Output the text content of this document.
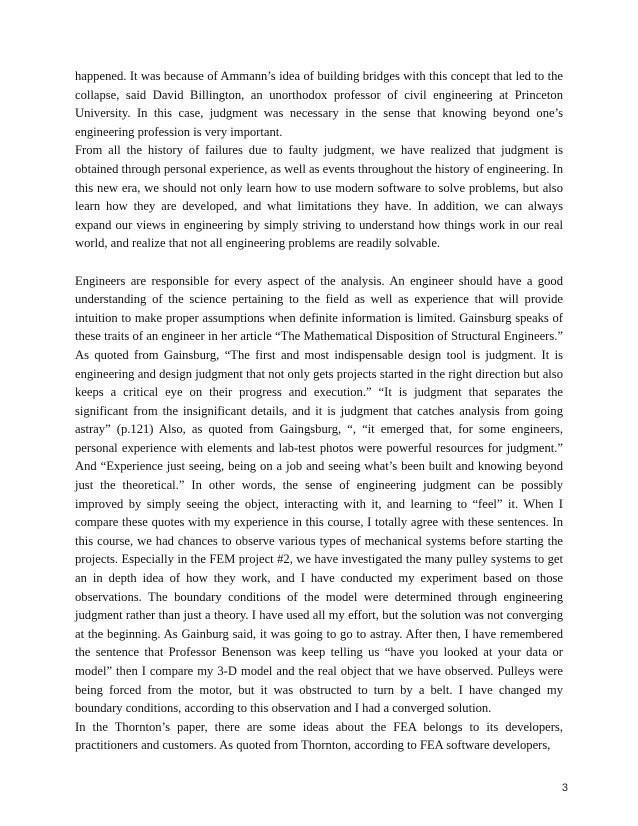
happened. It was because of Ammann’s idea of building bridges with this concept that led to the collapse, said David Billington, an unorthodox professor of civil engineering at Princeton University. In this case, judgment was necessary in the sense that knowing beyond one’s engineering profession is very important.

From all the history of failures due to faulty judgment, we have realized that judgment is obtained through personal experience, as well as events throughout the history of engineering. In this new era, we should not only learn how to use modern software to solve problems, but also learn how they are developed, and what limitations they have. In addition, we can always expand our views in engineering by simply striving to understand how things work in our real world, and realize that not all engineering problems are readily solvable.

Engineers are responsible for every aspect of the analysis. An engineer should have a good understanding of the science pertaining to the field as well as experience that will provide intuition to make proper assumptions when definite information is limited. Gainsburg speaks of these traits of an engineer in her article “The Mathematical Disposition of Structural Engineers.” As quoted from Gainsburg, “The first and most indispensable design tool is judgment. It is engineering and design judgment that not only gets projects started in the right direction but also keeps a critical eye on their progress and execution.” “It is judgment that separates the significant from the insignificant details, and it is judgment that catches analysis from going astray” (p.121) Also, as quoted from Gaingsburg, “, “it emerged that, for some engineers, personal experience with elements and lab-test photos were powerful resources for judgment.” And “Experience just seeing, being on a job and seeing what’s been built and knowing beyond just the theoretical.” In other words, the sense of engineering judgment can be possibly improved by simply seeing the object, interacting with it, and learning to “feel” it. When I compare these quotes with my experience in this course, I totally agree with these sentences. In this course, we had chances to observe various types of mechanical systems before starting the projects. Especially in the FEM project #2, we have investigated the many pulley systems to get an in depth idea of how they work, and I have conducted my experiment based on those observations. The boundary conditions of the model were determined through engineering judgment rather than just a theory. I have used all my effort, but the solution was not converging at the beginning. As Gainburg said, it was going to go to astray. After then, I have remembered the sentence that Professor Benenson was keep telling us “have you looked at your data or model” then I compare my 3-D model and the real object that we have observed. Pulleys were being forced from the motor, but it was obstructed to turn by a belt. I have changed my boundary conditions, according to this observation and I had a converged solution.

In the Thornton’s paper, there are some ideas about the FEA belongs to its developers, practitioners and customers. As quoted from Thornton, according to FEA software developers,

3
